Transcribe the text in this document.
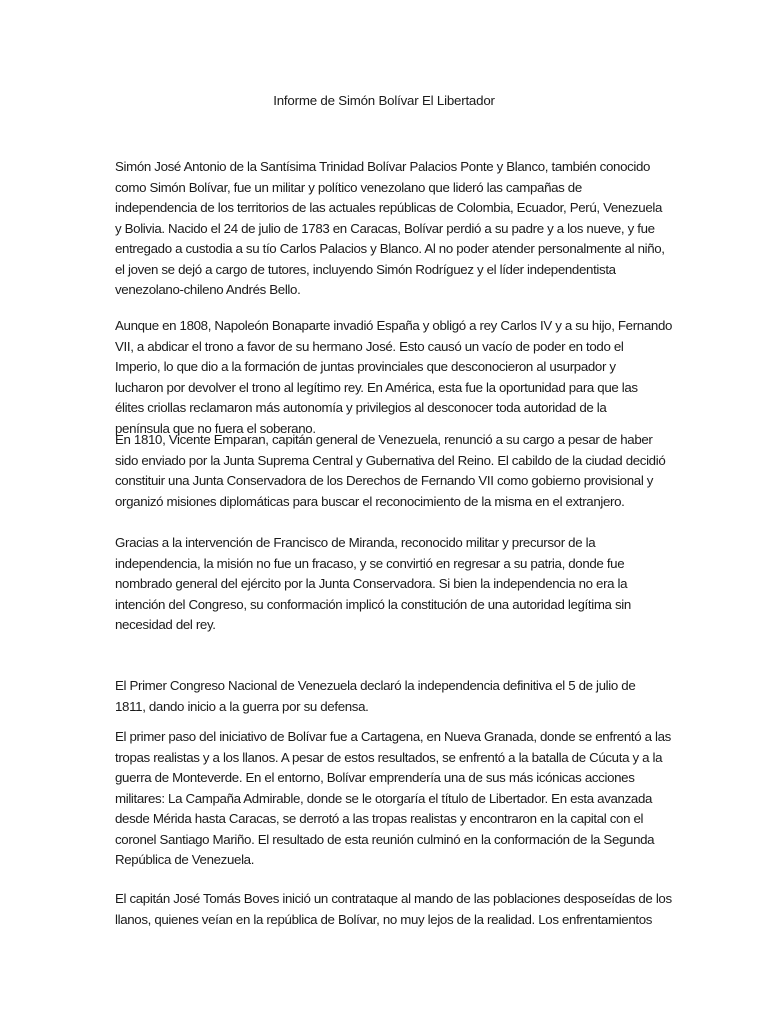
Informe de Simón Bolívar El Libertador
Simón José Antonio de la Santísima Trinidad Bolívar Palacios Ponte y Blanco, también conocido
como Simón Bolívar, fue un militar y político venezolano que lideró las campañas de
independencia de los territorios de las actuales repúblicas de Colombia, Ecuador, Perú, Venezuela
y Bolivia. Nacido el 24 de julio de 1783 en Caracas, Bolívar perdió a su padre y a los nueve, y fue
entregado a custodia a su tío Carlos Palacios y Blanco. Al no poder atender personalmente al niño,
el joven se dejó a cargo de tutores, incluyendo Simón Rodríguez y el líder independentista
venezolano-chileno Andrés Bello.
Aunque en 1808, Napoleón Bonaparte invadió España y obligó a rey Carlos IV y a su hijo, Fernando
VII, a abdicar el trono a favor de su hermano José. Esto causó un vacío de poder en todo el
Imperio, lo que dio a la formación de juntas provinciales que desconocieron al usurpador y
lucharon por devolver el trono al legítimo rey. En América, esta fue la oportunidad para que las
élites criollas reclamaron más autonomía y privilegios al desconocer toda autoridad de la
península que no fuera el soberano.
En 1810, Vicente Emparan, capitán general de Venezuela, renunció a su cargo a pesar de haber
sido enviado por la Junta Suprema Central y Gubernativa del Reino. El cabildo de la ciudad decidió
constituir una Junta Conservadora de los Derechos de Fernando VII como gobierno provisional y
organizó misiones diplomáticas para buscar el reconocimiento de la misma en el extranjero.
Gracias a la intervención de Francisco de Miranda, reconocido militar y precursor de la
independencia, la misión no fue un fracaso, y se convirtió en regresar a su patria, donde fue
nombrado general del ejército por la Junta Conservadora. Si bien la independencia no era la
intención del Congreso, su conformación implicó la constitución de una autoridad legítima sin
necesidad del rey.
El Primer Congreso Nacional de Venezuela declaró la independencia definitiva el 5 de julio de
1811, dando inicio a la guerra por su defensa.
El primer paso del iniciativo de Bolívar fue a Cartagena, en Nueva Granada, donde se enfrentó a las
tropas realistas y a los llanos. A pesar de estos resultados, se enfrentó a la batalla de Cúcuta y a la
guerra de Monteverde. En el entorno, Bolívar emprendería una de sus más icónicas acciones
militares: La Campaña Admirable, donde se le otorgaría el título de Libertador. En esta avanzada
desde Mérida hasta Caracas, se derrotó a las tropas realistas y encontraron en la capital con el
coronel Santiago Mariño. El resultado de esta reunión culminó en la conformación de la Segunda
República de Venezuela.
El capitán José Tomás Boves inició un contrataque al mando de las poblaciones desposeídas de los
llanos, quienes veían en la república de Bolívar, no muy lejos de la realidad. Los enfrentamientos
